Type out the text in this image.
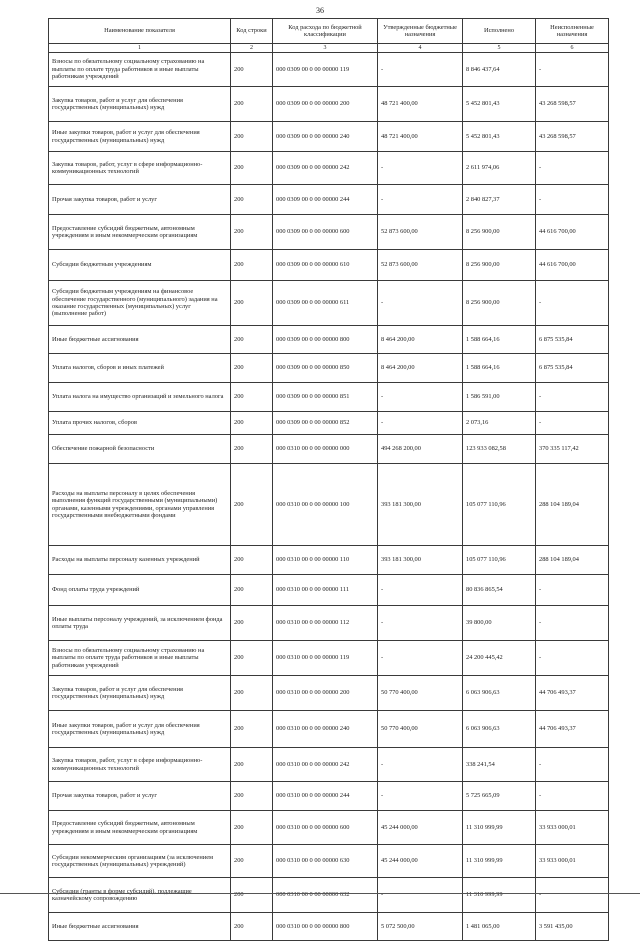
36
Наименование показателя	Код строки	Код расхода по бюджетной классификации	Утвержденные бюджетные назначения	Исполнено	Неисполненные назначения
1	2	3	4	5	6
Взносы по обязательному социальному страхованию на выплаты по оплате труда работников и иные выплаты работникам учреждений	200	000 0309 00 0 00 00000 119	-	8 846 437,64	-
Закупка товаров, работ и услуг для обеспечения государственных (муниципальных) нужд	200	000 0309 00 0 00 00000 200	48 721 400,00	5 452 801,43	43 268 598,57
Иные закупки товаров, работ и услуг для обеспечения государственных (муниципальных) нужд	200	000 0309 00 0 00 00000 240	48 721 400,00	5 452 801,43	43 268 598,57
Закупка товаров, работ, услуг в сфере информационно-коммуникационных технологий	200	000 0309 00 0 00 00000 242	-	2 611 974,06	-
Прочая закупка товаров, работ и услуг	200	000 0309 00 0 00 00000 244	-	2 840 827,37	-
Предоставление субсидий бюджетным, автономным учреждениям и иным некоммерческим организациям	200	000 0309 00 0 00 00000 600	52 873 600,00	8 256 900,00	44 616 700,00
Субсидии бюджетным учреждениям	200	000 0309 00 0 00 00000 610	52 873 600,00	8 256 900,00	44 616 700,00
Субсидии бюджетным учреждениям на финансовое обеспечение государственного (муниципального) задания на оказание государственных (муниципальных) услуг (выполнение работ)	200	000 0309 00 0 00 00000 611	-	8 256 900,00	-
Иные бюджетные ассигнования	200	000 0309 00 0 00 00000 800	8 464 200,00	1 588 664,16	6 875 535,84
Уплата налогов, сборов и иных платежей	200	000 0309 00 0 00 00000 850	8 464 200,00	1 588 664,16	6 875 535,84
Уплата налога на имущество организаций и земельного налога	200	000 0309 00 0 00 00000 851	-	1 586 591,00	-
Уплата прочих налогов, сборов	200	000 0309 00 0 00 00000 852	-	2 073,16	-
Обеспечение пожарной безопасности	200	000 0310 00 0 00 00000 000	494 268 200,00	123 933 082,58	370 335 117,42
Расходы на выплаты персоналу в целях обеспечения выполнения функций государственными (муниципальными) органами, казенными учреждениями, органами управления государственными внебюджетными фондами	200	000 0310 00 0 00 00000 100	393 181 300,00	105 077 110,96	288 104 189,04
Расходы на выплаты персоналу казенных учреждений	200	000 0310 00 0 00 00000 110	393 181 300,00	105 077 110,96	288 104 189,04
Фонд оплаты труда учреждений	200	000 0310 00 0 00 00000 111	-	80 836 865,54	-
Иные выплаты персоналу учреждений, за исключением фонда оплаты труда	200	000 0310 00 0 00 00000 112	-	39 800,00	-
Взносы по обязательному социальному страхованию на выплаты по оплате труда работников и иные выплаты работникам учреждений	200	000 0310 00 0 00 00000 119	-	24 200 445,42	-
Закупка товаров, работ и услуг для обеспечения государственных (муниципальных) нужд	200	000 0310 00 0 00 00000 200	50 770 400,00	6 063 906,63	44 706 493,37
Иные закупки товаров, работ и услуг для обеспечения государственных (муниципальных) нужд	200	000 0310 00 0 00 00000 240	50 770 400,00	6 063 906,63	44 706 493,37
Закупка товаров, работ, услуг в сфере информационно-коммуникационных технологий	200	000 0310 00 0 00 00000 242	-	338 241,54	-
Прочая закупка товаров, работ и услуг	200	000 0310 00 0 00 00000 244	-	5 725 665,09	-
Предоставление субсидий бюджетным, автономным учреждениям и иным некоммерческим организациям	200	000 0310 00 0 00 00000 600	45 244 000,00	11 310 999,99	33 933 000,01
Субсидии некоммерческим организациям (за исключением государственных (муниципальных) учреждений)	200	000 0310 00 0 00 00000 630	45 244 000,00	11 310 999,99	33 933 000,01
Субсидии (гранты в форме субсидий), подлежащие казначейскому сопровождению	200	000 0310 00 0 00 00000 632	-	11 310 999,99	-
Иные бюджетные ассигнования	200	000 0310 00 0 00 00000 800	5 072 500,00	1 481 065,00	3 591 435,00
